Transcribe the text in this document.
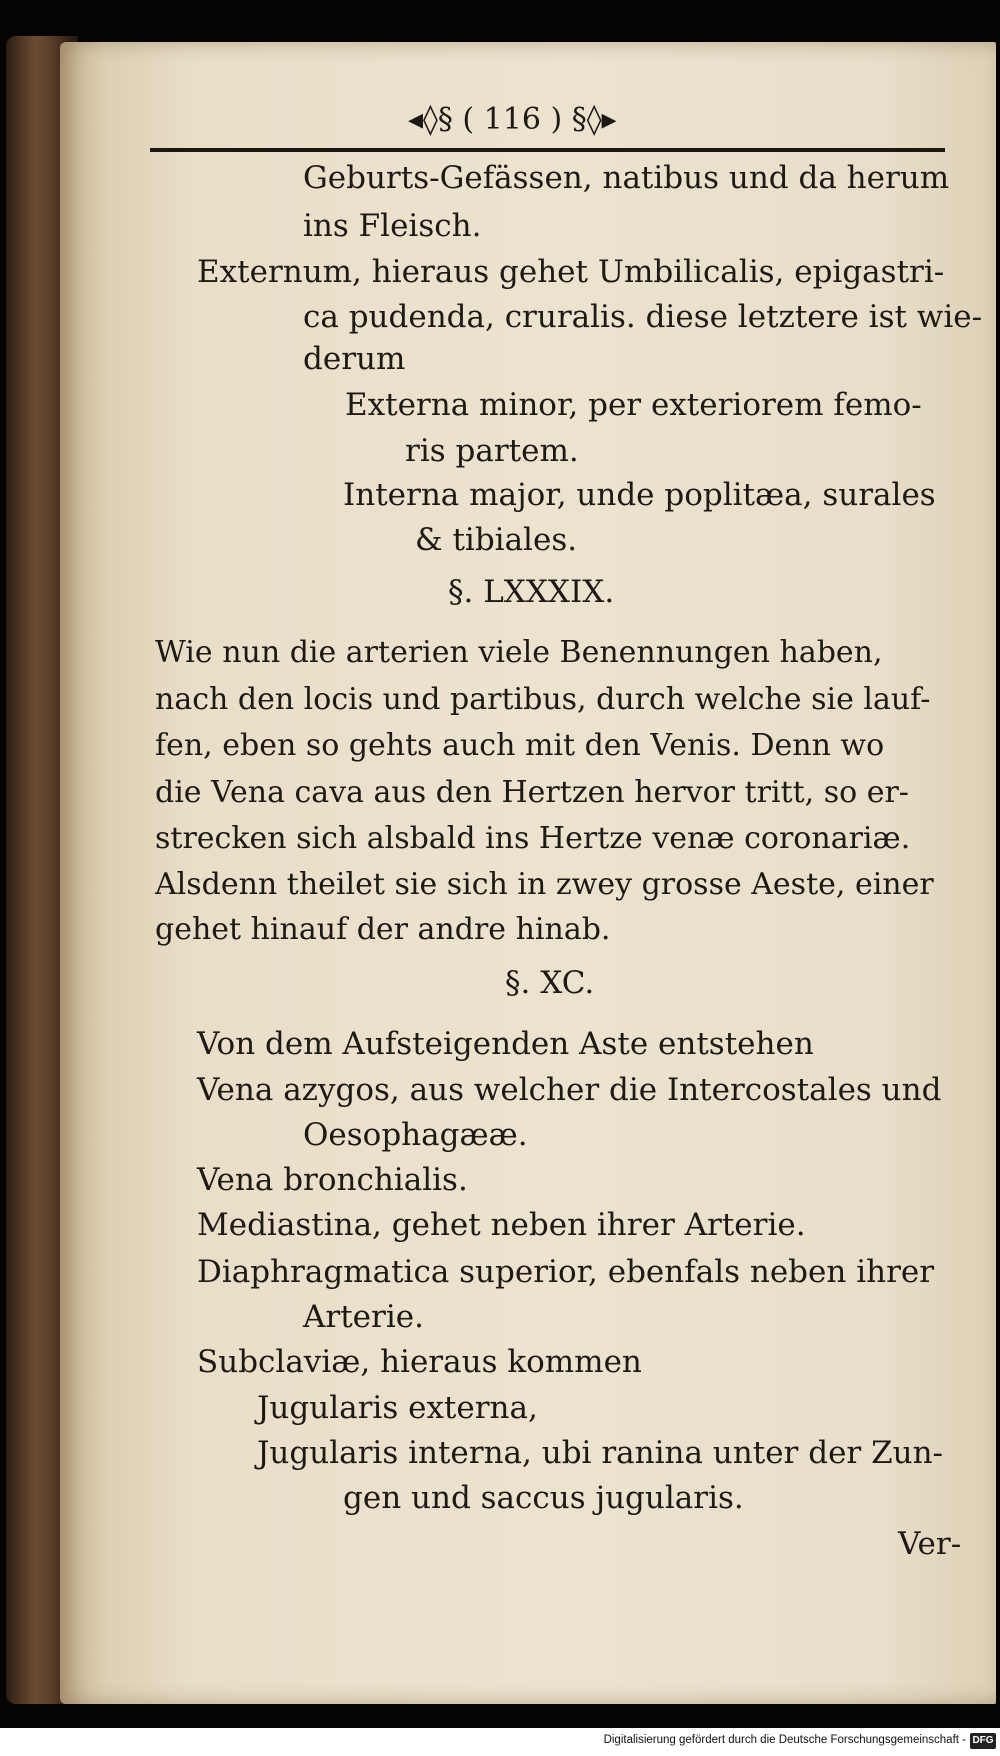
◂◊§ ( 116 ) §◊▸
Geburts-Gefässen, natibus und da herum
ins Fleisch.
Externum, hieraus gehet Umbilicalis, epigastri-
ca pudenda, cruralis. diese letztere ist wie-
derum
Externa minor, per exteriorem femo-
ris partem.
Interna major, unde poplitæa, surales
& tibiales.
§. LXXXIX.
Wie nun die arterien viele Benennungen haben,
nach den locis und partibus, durch welche sie lauf-
fen, eben so gehts auch mit den Venis. Denn wo
die Vena cava aus den Hertzen hervor tritt, so er-
strecken sich alsbald ins Hertze venæ coronariæ.
Alsdenn theilet sie sich in zwey grosse Aeste, einer
gehet hinauf der andre hinab.
§. XC.
Von dem Aufsteigenden Aste entstehen
Vena azygos, aus welcher die Intercostales und
Oesophagææ.
Vena bronchialis.
Mediastina, gehet neben ihrer Arterie.
Diaphragmatica superior, ebenfals neben ihrer
Arterie.
Subclaviæ, hieraus kommen
Jugularis externa,
Jugularis interna, ubi ranina unter der Zun-
gen und saccus jugularis.
Ver-
Digitalisierung gefördert durch die Deutsche Forschungsgemeinschaft - DFG
